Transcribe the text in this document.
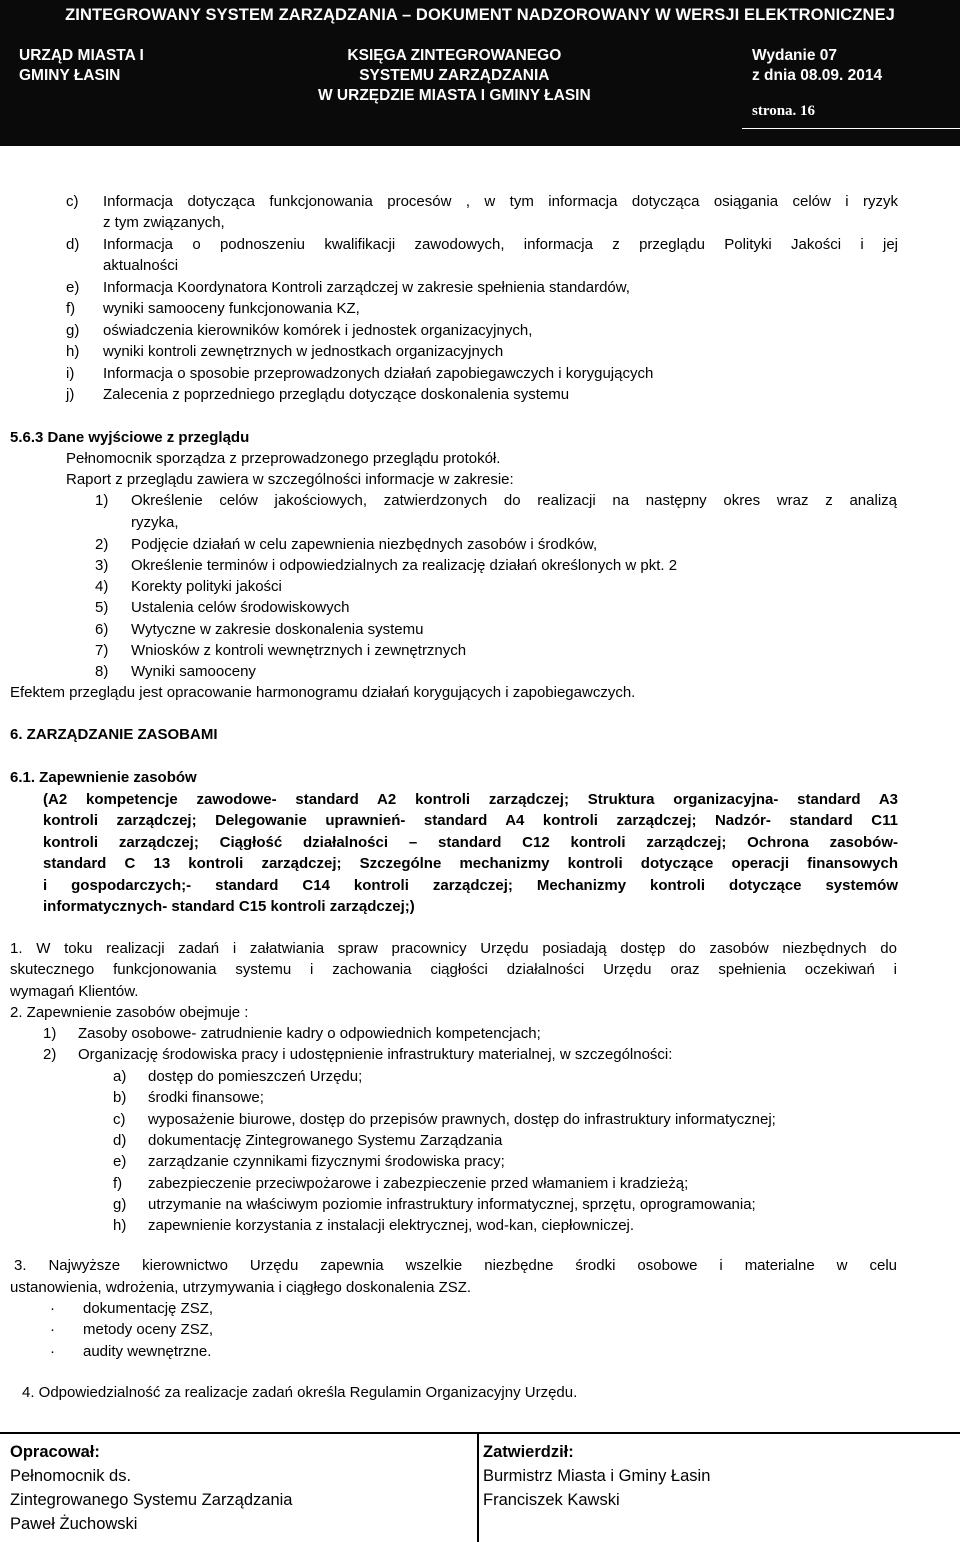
ZINTEGROWANY SYSTEM ZARZĄDZANIA – DOKUMENT NADZOROWANY W WERSJI ELEKTRONICZNEJ
URZĄD MIASTA I
GMINY ŁASIN
KSIĘGA ZINTEGROWANEGO
SYSTEMU ZARZĄDZANIA
W URZĘDZIE MIASTA I GMINY ŁASIN
Wydanie 07
z dnia 08.09. 2014
strona. 16
c) Informacja dotycząca funkcjonowania procesów , w tym informacja dotycząca osiągania celów i ryzyk
z tym związanych,
d) Informacja o podnoszeniu kwalifikacji zawodowych, informacja z przeglądu Polityki Jakości i jej
aktualności
e) Informacja Koordynatora Kontroli zarządczej w zakresie spełnienia standardów,
f) wyniki samooceny funkcjonowania KZ,
g) oświadczenia kierowników komórek i jednostek organizacyjnych,
h) wyniki kontroli zewnętrznych w jednostkach organizacyjnych
i) Informacja o sposobie przeprowadzonych działań zapobiegawczych i korygujących
j) Zalecenia z poprzedniego przeglądu dotyczące doskonalenia systemu
5.6.3 Dane wyjściowe z przeglądu
Pełnomocnik sporządza z przeprowadzonego przeglądu protokół.
Raport z przeglądu zawiera w szczególności informacje w zakresie:
1) Określenie celów jakościowych, zatwierdzonych do realizacji na następny okres wraz z analizą
ryzyka,
2) Podjęcie działań w celu zapewnienia niezbędnych zasobów i środków,
3) Określenie terminów i odpowiedzialnych za realizację działań określonych w pkt. 2
4) Korekty polityki jakości
5) Ustalenia celów środowiskowych
6) Wytyczne w zakresie doskonalenia systemu
7) Wniosków z kontroli wewnętrznych i zewnętrznych
8) Wyniki samooceny
Efektem przeglądu jest opracowanie harmonogramu działań korygujących i zapobiegawczych.
6. ZARZĄDZANIE ZASOBAMI
6.1. Zapewnienie zasobów
(A2 kompetencje zawodowe- standard A2 kontroli zarządczej; Struktura organizacyjna- standard A3
kontroli zarządczej; Delegowanie uprawnień- standard A4 kontroli zarządczej; Nadzór- standard C11
kontroli zarządczej; Ciągłość działalności – standard C12 kontroli zarządczej; Ochrona zasobów-
standard C 13 kontroli zarządczej; Szczególne mechanizmy kontroli dotyczące operacji finansowych
i gospodarczych;- standard C14 kontroli zarządczej; Mechanizmy kontroli dotyczące systemów
informatycznych- standard C15 kontroli zarządczej;)
1. W toku realizacji zadań i załatwiania spraw pracownicy Urzędu posiadają dostęp do zasobów niezbędnych do
skutecznego funkcjonowania systemu i zachowania ciągłości działalności Urzędu oraz spełnienia oczekiwań i
wymagań Klientów.
2. Zapewnienie zasobów obejmuje :
1) Zasoby osobowe- zatrudnienie kadry o odpowiednich kompetencjach;
2) Organizację środowiska pracy i udostępnienie infrastruktury materialnej, w szczególności:
a) dostęp do pomieszczeń Urzędu;
b) środki finansowe;
c) wyposażenie biurowe, dostęp do przepisów prawnych, dostęp do infrastruktury informatycznej;
d) dokumentację Zintegrowanego Systemu Zarządzania
e) zarządzanie czynnikami fizycznymi środowiska pracy;
f) zabezpieczenie przeciwpożarowe i zabezpieczenie przed włamaniem i kradzieżą;
g) utrzymanie na właściwym poziomie infrastruktury informatycznej, sprzętu, oprogramowania;
h) zapewnienie korzystania z instalacji elektrycznej, wod-kan, ciepłowniczej.
3. Najwyższe kierownictwo Urzędu zapewnia wszelkie niezbędne środki osobowe i materialne w celu
ustanowienia, wdrożenia, utrzymywania i ciągłego doskonalenia ZSZ.
· dokumentację ZSZ,
· metody oceny ZSZ,
· audity wewnętrzne.
4. Odpowiedzialność za realizacje zadań określa Regulamin Organizacyjny Urzędu.
Opracował:
Pełnomocnik ds.
Zintegrowanego Systemu Zarządzania
Paweł Żuchowski
Zatwierdził:
Burmistrz Miasta i Gminy Łasin
Franciszek Kawski
